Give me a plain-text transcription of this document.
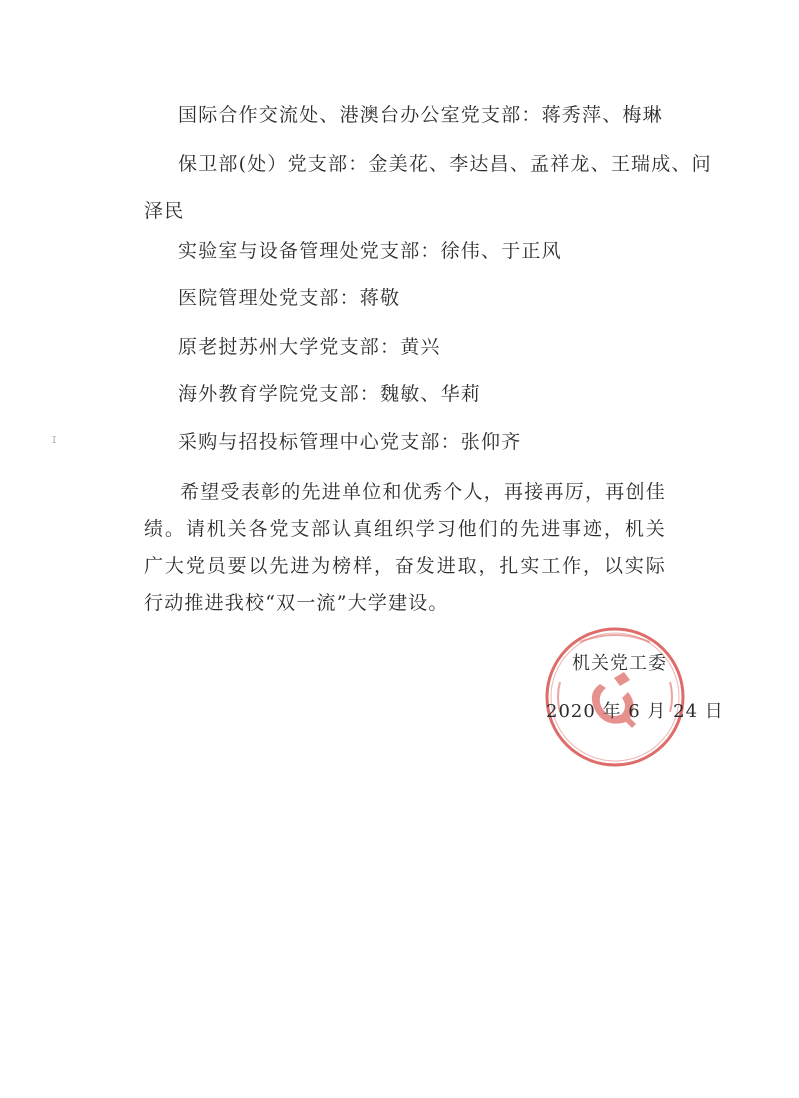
国际合作交流处、港澳台办公室党支部：蒋秀萍、梅琳
保卫部(处）党支部：金美花、李达昌、孟祥龙、王瑞成、问
泽民
实验室与设备管理处党支部：徐伟、于正风
医院管理处党支部：蒋敬
原老挝苏州大学党支部：黄兴
海外教育学院党支部：魏敏、华莉
采购与招投标管理中心党支部：张仰齐
希望受表彰的先进单位和优秀个人，再接再厉，再创佳绩。请机关各党支部认真组织学习他们的先进事迹，机关广大党员要以先进为榜样，奋发进取，扎实工作，以实际行动推进我校“双一流”大学建设。
ɪ
机关党工委
2020 年 6 月 24 日
